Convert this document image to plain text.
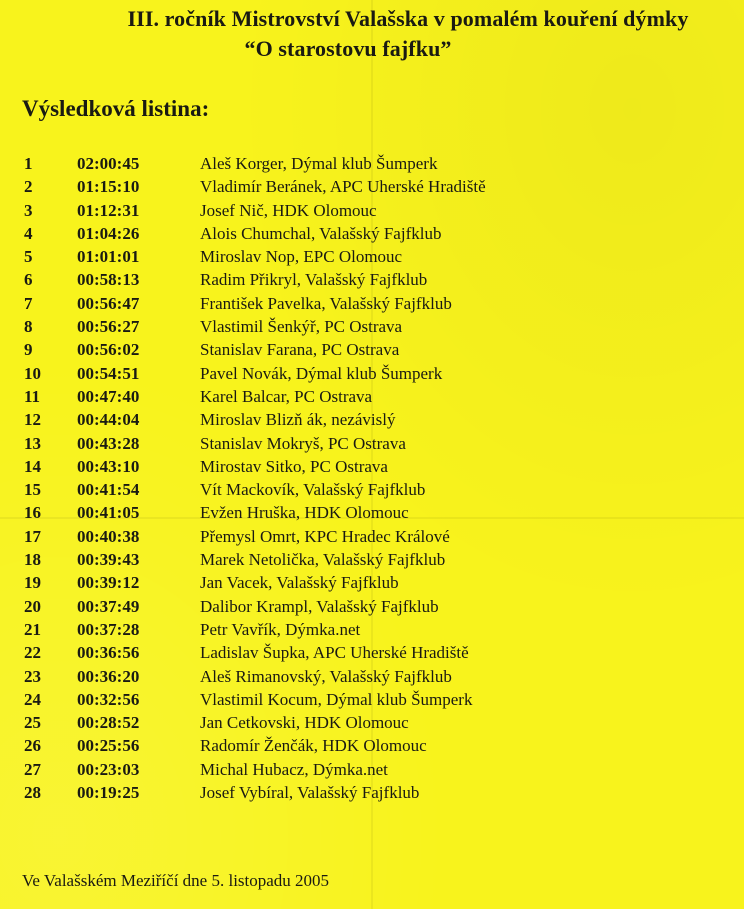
III. ročník Mistrovství Valašska v pomalém kouření dýmky
“O starostovu fajfku”
Výsledková listina:
1	02:00:45	Aleš Korger, Dýmal klub Šumperk
2	01:15:10	Vladimír Beránek, APC Uherské Hradiště
3	01:12:31	Josef Nič, HDK Olomouc
4	01:04:26	Alois Chumchal, Valašský Fajfklub
5	01:01:01	Miroslav Nop, EPC Olomouc
6	00:58:13	Radim Přikryl, Valašský Fajfklub
7	00:56:47	František Pavelka, Valašský Fajfklub
8	00:56:27	Vlastimil Šenkýř, PC Ostrava
9	00:56:02	Stanislav Farana, PC Ostrava
10 00:54:51	Pavel Novák, Dýmal klub Šumperk
11 00:47:40	Karel Balcar, PC Ostrava
12 00:44:04	Miroslav Blizň ák, nezávislý
13 00:43:28	Stanislav Mokryš, PC Ostrava
14 00:43:10	Mirostav Sitko, PC Ostrava
15 00:41:54	Vít Mackovík, Valašský Fajfklub
16 00:41:05	Evžen Hruška, HDK Olomouc
17 00:40:38	Přemysl Omrt, KPC Hradec Králové
18 00:39:43	Marek Netolička, Valašský Fajfklub
19 00:39:12	Jan Vacek, Valašský Fajfklub
20 00:37:49	Dalibor Krampl, Valašský Fajfklub
21 00:37:28	Petr Vavřík, Dýmka.net
22 00:36:56	Ladislav Šupka, APC Uherské Hradiště
23 00:36:20	Aleš Rimanovský, Valašský Fajfklub
24 00:32:56	Vlastimil Kocum, Dýmal klub Šumperk
25 00:28:52	Jan Cetkovski, HDK Olomouc
26 00:25:56	Radomír Ženčák, HDK Olomouc
27 00:23:03	Michal Hubacz, Dýmka.net
28 00:19:25	Josef Vybíral, Valašský Fajfklub
Ve Valašském Meziříčí dne 5. listopadu 2005
